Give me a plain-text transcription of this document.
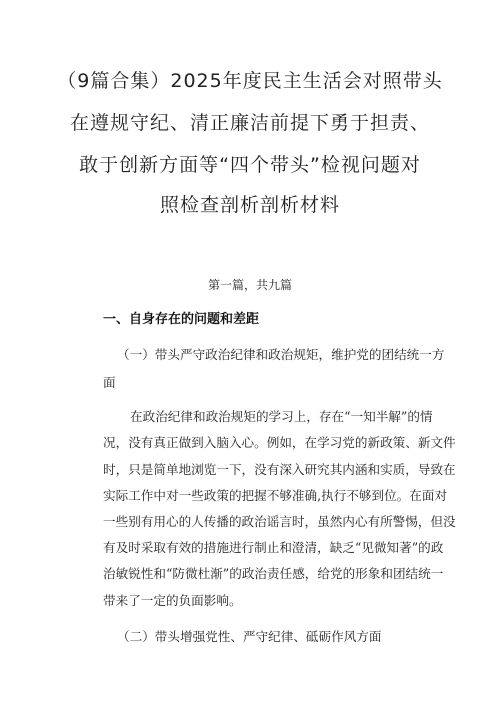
（9篇合集）2025年度民主生活会对照带头
在遵规守纪、清正廉洁前提下勇于担责、
敢于创新方面等“四个带头”检视问题对
照检查剖析剖析材料
第一篇，共九篇
一、自身存在的问题和差距
（一）带头严守政治纪律和政治规矩，维护党的团结统一方
面
在政治纪律和政治规矩的学习上，存在“一知半解”的情
况，没有真正做到入脑入心。例如，在学习党的新政策、新文件
时，只是简单地浏览一下，没有深入研究其内涵和实质，导致在
实际工作中对一些政策的把握不够准确,执行不够到位。在面对
一些别有用心的人传播的政治谣言时，虽然内心有所警惕，但没
有及时采取有效的措施进行制止和澄清，缺乏“见微知著”的政
治敏锐性和“防微杜渐”的政治责任感，给党的形象和团结统一
带来了一定的负面影响。
（二）带头增强党性、严守纪律、砥砺作风方面
